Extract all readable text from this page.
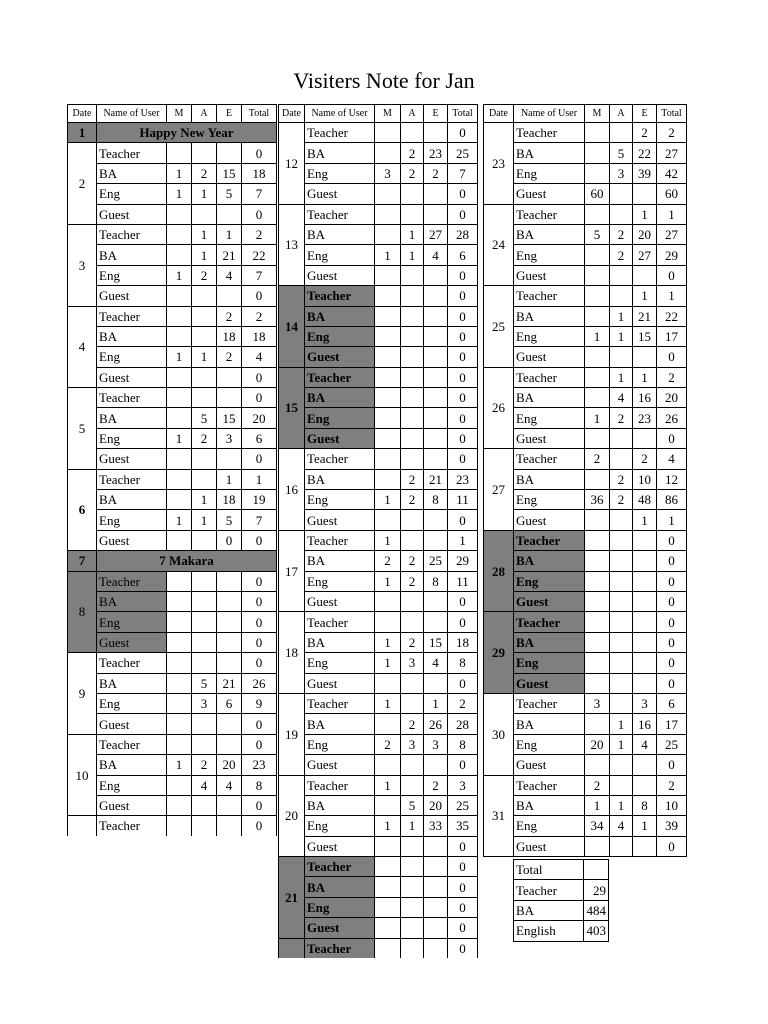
Visiters Note for Jan
Date	Name of User	M	A	E	Total
1	Happy New Year				

2	Teacher				0
	BA	1	2	15	18
	Eng	1	1	5	7
	Guest				0
3	Teacher		1	1	2
	BA		1	21	22
	Eng	1	2	4	7
	Guest				0
4	Teacher			2	2
	BA			18	18
	Eng	1	1	2	4
	Guest				0
5	Teacher				0
	BA		5	15	20
	Eng	1	2	3	6
	Guest				0
6	Teacher			1	1
	BA		1	18	19
	Eng	1	1	5	7
	Guest			0	0
7	7 Makara				

8	Teacher				0
	BA				0
	Eng				0
	Guest				0
9	Teacher				0
	BA		5	21	26
	Eng		3	6	9
	Guest				0
10	Teacher				0
	BA	1	2	20	23
	Eng		4	4	8
	Guest				0
	Teacher				0
Date	Name of User	M	A	E	Total
12	Teacher				0
	BA		2	23	25
	Eng	3	2	2	7
	Guest				0
13	Teacher				0
	BA		1	27	28
	Eng	1	1	4	6
	Guest				0
14	Teacher				0
	BA				0
	Eng				0
	Guest				0
15	Teacher				0
	BA				0
	Eng				0
	Guest				0
16	Teacher				0
	BA		2	21	23
	Eng	1	2	8	11
	Guest				0
17	Teacher	1			1
	BA	2	2	25	29
	Eng	1	2	8	11
	Guest				0
18	Teacher				0
	BA	1	2	15	18
	Eng	1	3	4	8
	Guest				0
19	Teacher	1		1	2
	BA		2	26	28
	Eng	2	3	3	8
	Guest				0
20	Teacher	1		2	3
	BA		5	20	25
	Eng	1	1	33	35
	Guest				0
21	Teacher				0
	BA				0
	Eng				0
	Guest				0
	Teacher				0
Date	Name of User	M	A	E	Total
23	Teacher			2	2
	BA		5	22	27
	Eng		3	39	42
	Guest	60			60
24	Teacher			1	1
	BA	5	2	20	27
	Eng		2	27	29
	Guest				0
25	Teacher			1	1
	BA		1	21	22
	Eng	1	1	15	17
	Guest				0
26	Teacher		1	1	2
	BA		4	16	20
	Eng	1	2	23	26
	Guest				0
27	Teacher	2		2	4
	BA		2	10	12
	Eng	36	2	48	86
	Guest			1	1
28	Teacher				0
	BA				0
	Eng				0
	Guest				0
29	Teacher				0
	BA				0
	Eng				0
	Guest				0
30	Teacher	3		3	6
	BA		1	16	17
	Eng	20	1	4	25
	Guest				0
31	Teacher	2			2
	BA	1	1	8	10
	Eng	34	4	1	39
	Guest				0
Total	
Teacher	29
BA	484
English	403
